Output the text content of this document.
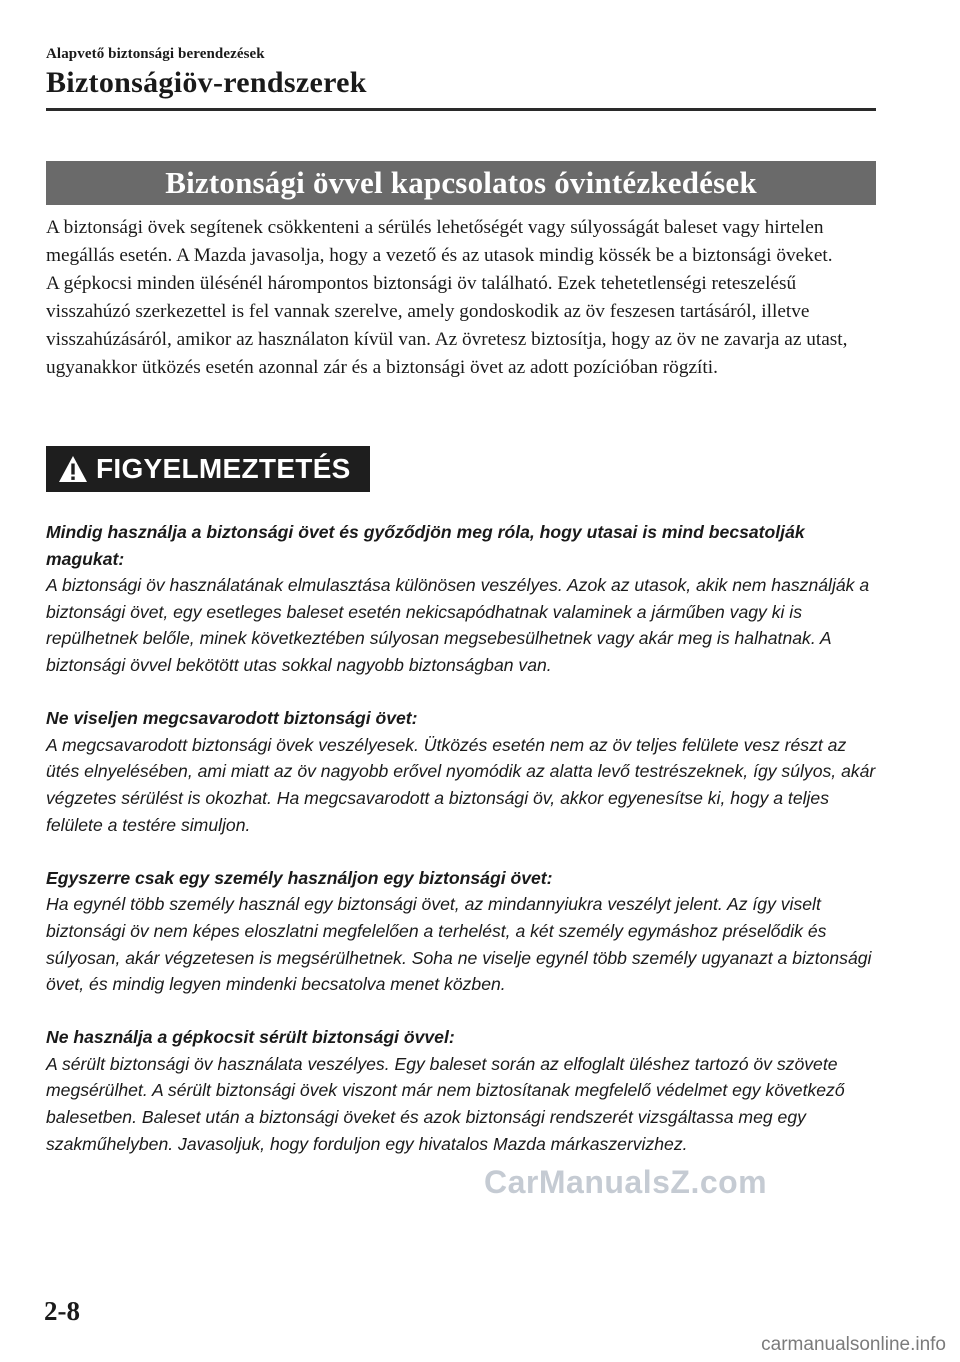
Alapvető biztonsági berendezések
Biztonságiöv-rendszerek
Biztonsági övvel kapcsolatos óvintézkedések

A biztonsági övek segítenek csökkenteni a sérülés lehetőségét vagy súlyosságát baleset vagy hirtelen megállás esetén. A Mazda javasolja, hogy a vezető és az utasok mindig kössék be a biztonsági öveket.

A gépkocsi minden ülésénél hárompontos biztonsági öv található. Ezek tehetetlenségi reteszelésű visszahúzó szerkezettel is fel vannak szerelve, amely gondoskodik az öv feszesen tartásáról, illetve visszahúzásáról, amikor az használaton kívül van. Az övretesz biztosítja, hogy az öv ne zavarja az utast, ugyanakkor ütközés esetén azonnal zár és a biztonsági övet az adott pozícióban rögzíti.

FIGYELMEZTETÉS
Mindig használja a biztonsági övet és győződjön meg róla, hogy utasai is mind becsatolják magukat:
A biztonsági öv használatának elmulasztása különösen veszélyes. Azok az utasok, akik nem használják a biztonsági övet, egy esetleges baleset esetén nekicsapódhatnak valaminek a járműben vagy ki is repülhetnek belőle, minek következtében súlyosan megsebesülhetnek vagy akár meg is halhatnak. A biztonsági övvel bekötött utas sokkal nagyobb biztonságban van.
Ne viseljen megcsavarodott biztonsági övet:
A megcsavarodott biztonsági övek veszélyesek. Ütközés esetén nem az öv teljes felülete vesz részt az ütés elnyelésében, ami miatt az öv nagyobb erővel nyomódik az alatta levő testrészeknek, így súlyos, akár végzetes sérülést is okozhat. Ha megcsavarodott a biztonsági öv, akkor egyenesítse ki, hogy a teljes felülete a testére simuljon.
Egyszerre csak egy személy használjon egy biztonsági övet:
Ha egynél több személy használ egy biztonsági övet, az mindannyiukra veszélyt jelent. Az így viselt biztonsági öv nem képes eloszlatni megfelelően a terhelést, a két személy egymáshoz préselődik és súlyosan, akár végzetesen is megsérülhetnek. Soha ne viselje egynél több személy ugyanazt a biztonsági övet, és mindig legyen mindenki becsatolva menet közben.
Ne használja a gépkocsit sérült biztonsági övvel:
A sérült biztonsági öv használata veszélyes. Egy baleset során az elfoglalt üléshez tartozó öv szövete megsérülhet. A sérült biztonsági övek viszont már nem biztosítanak megfelelő védelmet egy következő balesetben. Baleset után a biztonsági öveket és azok biztonsági rendszerét vizsgáltassa meg egy szakműhelyben. Javasoljuk, hogy forduljon egy hivatalos Mazda márkaszervizhez.
CarManualsZ.com
2-8
carmanualsonline.info
